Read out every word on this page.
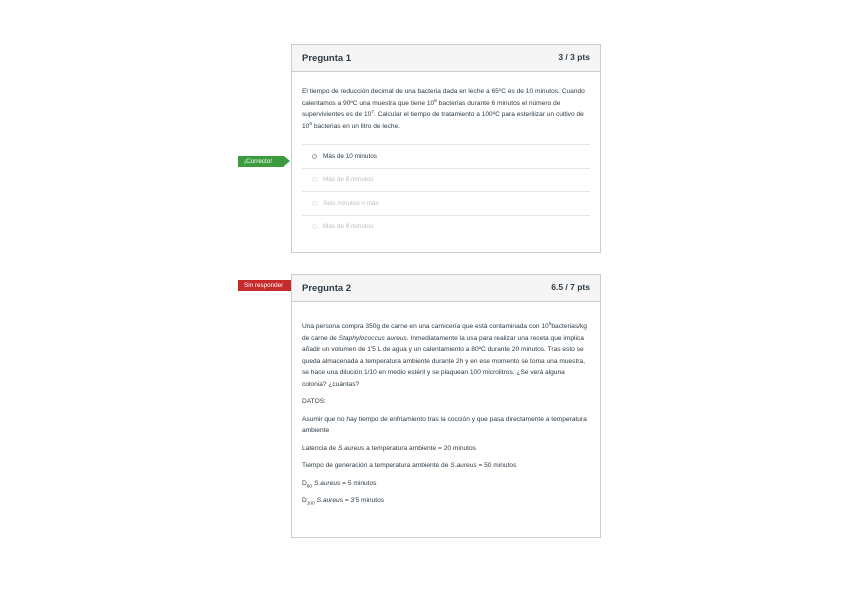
¡Correcto!
Pregunta 1	3 / 3 pts

El tiempo de reducción decimal de una bacteria dada en leche a 65ºC es de 10 minutos. Cuando calentamos a 90ºC una muestra que tiene $10^9$ bacterias durante 6 minutos el número de supervivientes es de $10^7$. Calcular el tiempo de tratamiento a 100ºC para esterilizar un cultivo de $10^5$ bacterias en un litro de leche.

Más de 10 minutos
Más de 8 minutos
Seis minutos o más
Más de 6 minutos
Sin responder	Pregunta 2	6.5 / 7 pts

Una persona compra 350g de carne en una carnicería que está contaminada con $10^5bacterias/kg$ de carne de Staphylococcus aureus. Inmediatamente la usa para realizar una receta que implica añadir un volumen de 1'5 L de agua y un calentamiento a 80ºC durante 20 minutos. Tras esto se queda almacenada a temperatura ambiente durante 2h y en ese momento se toma una muestra, se hace una dilución 1/10 en medio estéril y se plaquean 100 microlitros. ¿Se verá alguna colonia? ¿cuántas?

DATOS:

Asumir que no hay tiempo de enfriamiento tras la cocción y que pasa directamente a temperatura ambiente

Latencia de S.aureus a temperatura ambiente = 20 minutos

Tiempo de generación a temperatura ambiente de S.aureus = 50 minutos

$D_{80}$ S.aureus = 5 minutos

$D_{100}$ S.aureus = 3'5 minutos
